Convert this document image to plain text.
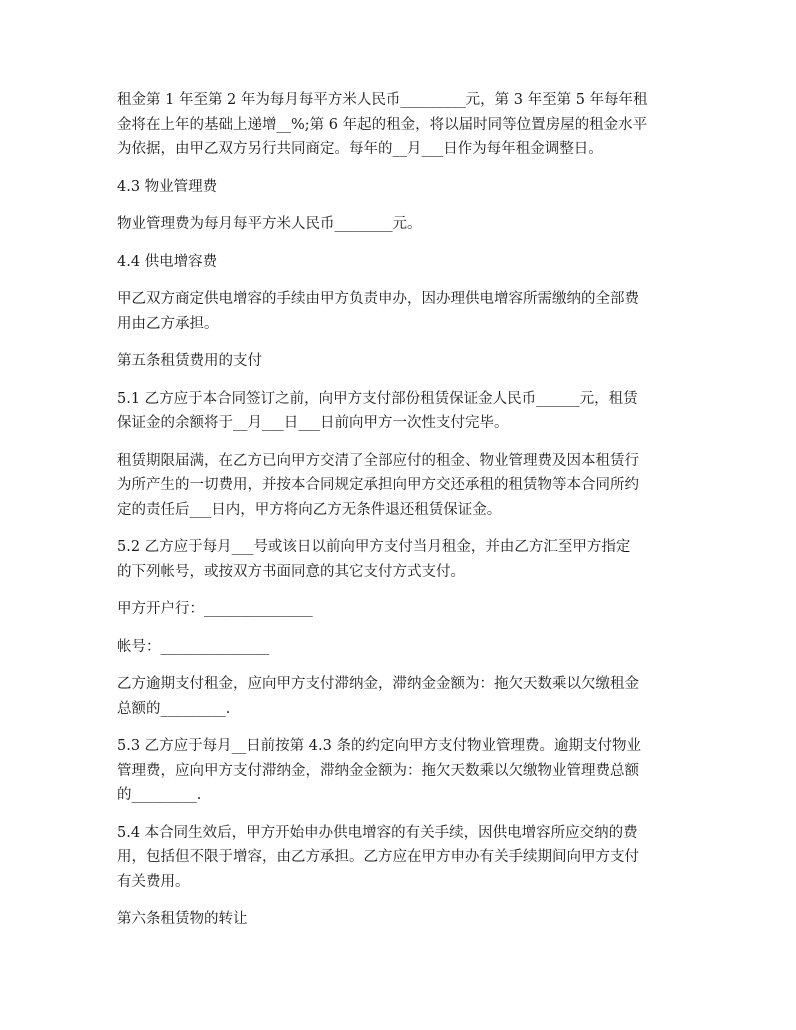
租金第 1 年至第 2 年为每月每平方米人民币_________元，第 3 年至第 5 年每年租
金将在上年的基础上递增__%;第 6 年起的租金，将以届时同等位置房屋的租金水平
为依据，由甲乙双方另行共同商定。每年的__月___日作为每年租金调整日。

4.3 物业管理费

物业管理费为每月每平方米人民币________元。

4.4 供电增容费

甲乙双方商定供电增容的手续由甲方负责申办，因办理供电增容所需缴纳的全部费
用由乙方承担。

第五条租赁费用的支付

5.1 乙方应于本合同签订之前，向甲方支付部份租赁保证金人民币______元，租赁
保证金的余额将于__月___日___日前向甲方一次性支付完毕。

租赁期限届满，在乙方已向甲方交清了全部应付的租金、物业管理费及因本租赁行
为所产生的一切费用，并按本合同规定承担向甲方交还承租的租赁物等本合同所约
定的责任后___日内，甲方将向乙方无条件退还租赁保证金。

5.2 乙方应于每月___号或该日以前向甲方支付当月租金，并由乙方汇至甲方指定
的下列帐号，或按双方书面同意的其它支付方式支付。

甲方开户行：_______________

帐号：_______________

乙方逾期支付租金，应向甲方支付滞纳金，滞纳金金额为：拖欠天数乘以欠缴租金
总额的_________.

5.3 乙方应于每月__日前按第 4.3 条的约定向甲方支付物业管理费。逾期支付物业
管理费，应向甲方支付滞纳金，滞纳金金额为：拖欠天数乘以欠缴物业管理费总额
的_________.

5.4 本合同生效后，甲方开始申办供电增容的有关手续，因供电增容所应交纳的费
用，包括但不限于增容，由乙方承担。乙方应在甲方申办有关手续期间向甲方支付
有关费用。

第六条租赁物的转让
